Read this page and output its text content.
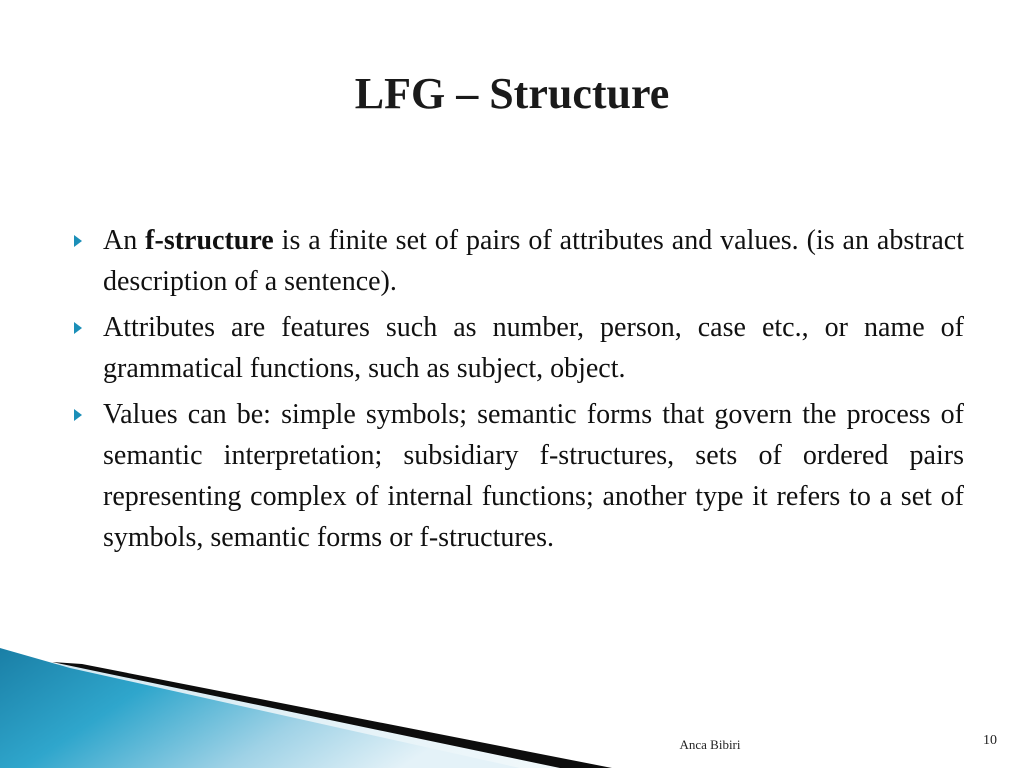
LFG – Structure
An f-structure is a finite set of pairs of attributes and values. (is an abstract description of a sentence).
Attributes are features such as number, person, case etc., or name of grammatical functions, such as subject, object.
Values can be: simple symbols; semantic forms that govern the process of semantic interpretation; subsidiary f-structures, sets of ordered pairs representing complex of internal functions; another type it refers to a set of symbols, semantic forms or f-structures.
Anca Bibiri	10
